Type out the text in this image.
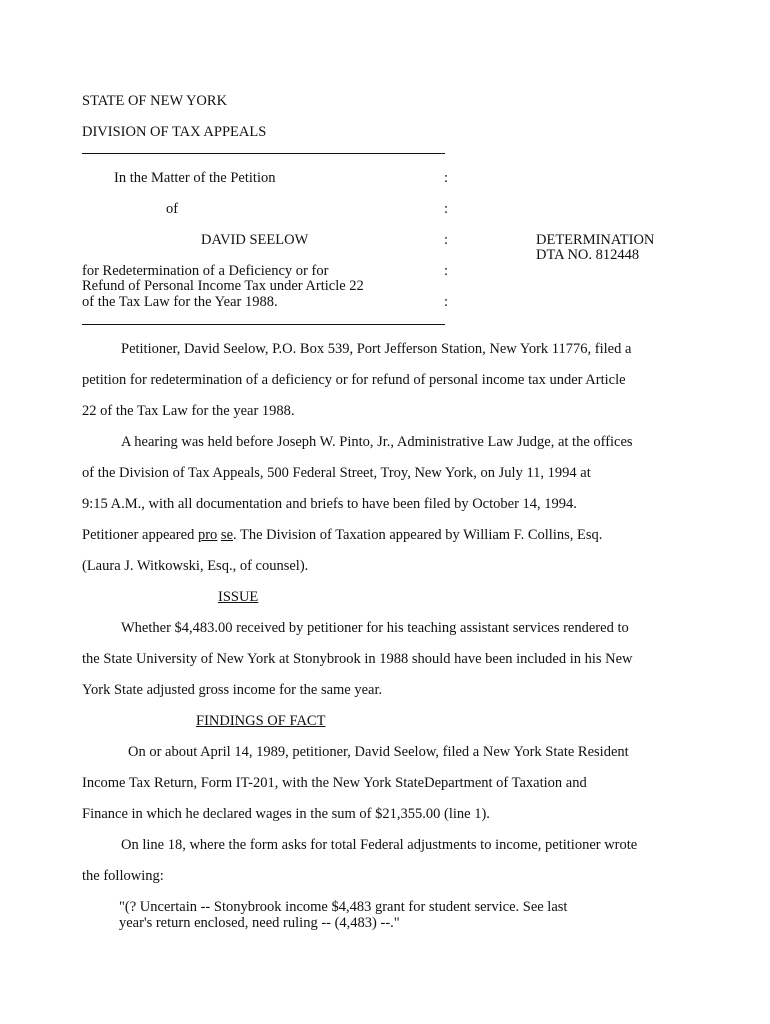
STATE OF NEW YORK
DIVISION OF TAX APPEALS
In the Matter of the Petition
of
DAVID SEELOW
for Redetermination of a Deficiency or for
Refund of Personal Income Tax under Article 22
of the Tax Law for the Year 1988.
:
:
:
:
:
DETERMINATION
DTA NO. 812448
Petitioner, David Seelow, P.O. Box 539, Port Jefferson Station, New York 11776, filed a
petition for redetermination of a deficiency or for refund of personal income tax under Article
22 of the Tax Law for the year 1988.
A hearing was held before Joseph W. Pinto, Jr., Administrative Law Judge, at the offices
of the Division of Tax Appeals, 500 Federal Street, Troy, New York, on July 11, 1994 at
9:15 A.M., with all documentation and briefs to have been filed by October 14, 1994.
Petitioner appeared pro se. The Division of Taxation appeared by William F. Collins, Esq.
(Laura J. Witkowski, Esq., of counsel).
ISSUE
Whether $4,483.00 received by petitioner for his teaching assistant services rendered to
the State University of New York at Stonybrook in 1988 should have been included in his New
York State adjusted gross income for the same year.
FINDINGS OF FACT
On or about April 14, 1989, petitioner, David Seelow, filed a New York State Resident
Income Tax Return, Form IT-201, with the New York StateDepartment of Taxation and
Finance in which he declared wages in the sum of $21,355.00 (line 1).
On line 18, where the form asks for total Federal adjustments to income, petitioner wrote
the following:
"(? Uncertain -- Stonybrook income $4,483 grant for student service. See last
year's return enclosed, need ruling -- (4,483) --."
